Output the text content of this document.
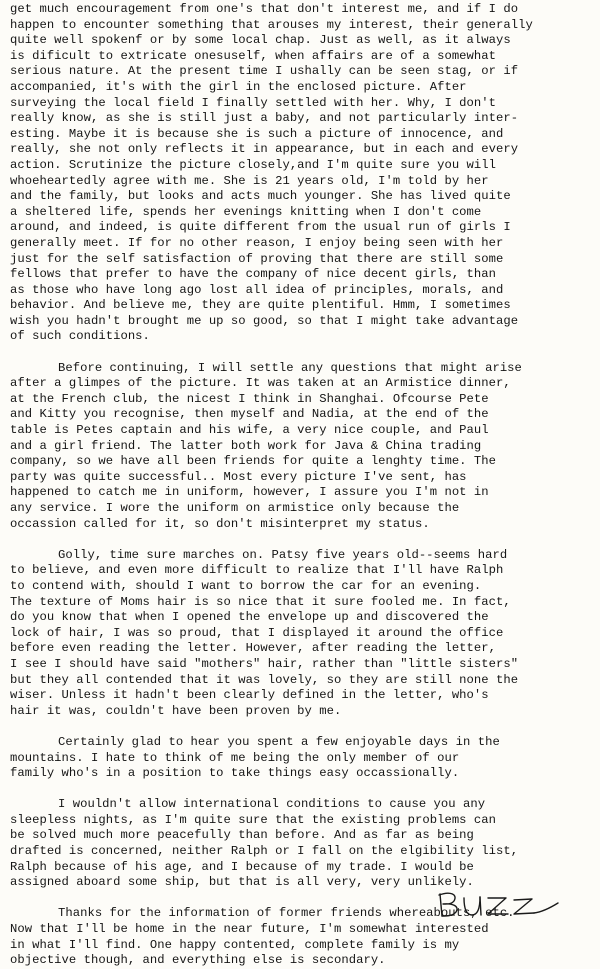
get much encouragement from one's that don't interest me, and if I do
happen to encounter something that arouses my interest, their generally
quite well spokenf or by some local chap. Just as well, as it always
is dificult to extricate onesuself, when affairs are of a somewhat
serious nature. At the present time I ushally can be seen stag, or if
accompanied, it's with the girl in the enclosed picture. After
surveying the local field I finally settled with her. Why, I don't
really know, as she is still just a baby, and not particularly inter-
esting. Maybe it is because she is such a picture of innocence, and
really, she not only reflects it in appearance, but in each and every
action. Scrutinize the picture closely,and I'm quite sure you will
whoeheartedly agree with me. She is 21 years old, I'm told by her
and the family, but looks and acts much younger. She has lived quite
a sheltered life, spends her evenings knitting when I don't come
around, and indeed, is quite different from the usual run of girls I
generally meet. If for no other reason, I enjoy being seen with her
just for the self satisfaction of proving that there are still some
fellows that prefer to have the company of nice decent girls, than
as those who have long ago lost all idea of principles, morals, and
behavior. And believe me, they are quite plentiful. Hmm, I sometimes
wish you hadn't brought me up so good, so that I might take advantage
of such conditions.
Before continuing, I will settle any questions that might arise
after a glimpes of the picture. It was taken at an Armistice dinner,
at the French club, the nicest I think in Shanghai. Ofcourse Pete
and Kitty you recognise, then myself and Nadia, at the end of the
table is Petes captain and his wife, a very nice couple, and Paul
and a girl friend. The latter both work for Java & China trading
company, so we have all been friends for quite a lenghty time. The
party was quite successful.. Most every picture I've sent, has
happened to catch me in uniform, however, I assure you I'm not in
any service. I wore the uniform on armistice only because the
occassion called for it, so don't misinterpret my status.
Golly, time sure marches on. Patsy five years old--seems hard
to believe, and even more difficult to realize that I'll have Ralph
to contend with, should I want to borrow the car for an evening.
The texture of Moms hair is so nice that it sure fooled me. In fact,
do you know that when I opened the envelope up and discovered the
lock of hair, I was so proud, that I displayed it around the office
before even reading the letter. However, after reading the letter,
I see I should have said "mothers" hair, rather than "little sisters"
but they all contended that it was lovely, so they are still none the
wiser. Unless it hadn't been clearly defined in the letter, who's
hair it was, couldn't have been proven by me.
Certainly glad to hear you spent a few enjoyable days in the
mountains. I hate to think of me being the only member of our
family who's in a position to take things easy occassionally.
I wouldn't allow international conditions to cause you any
sleepless nights, as I'm quite sure that the existing problems can
be solved much more peacefully than before. And as far as being
drafted is concerned, neither Ralph or I fall on the elgibility list,
Ralph because of his age, and I because of my trade. I would be
assigned aboard some ship, but that is all very, very unlikely.
Thanks for the information of former friends whereabouts, etc.
Now that I'll be home in the near future, I'm somewhat interested
in what I'll find. One happy contented, complete family is my
objective though, and everything else is secondary.
